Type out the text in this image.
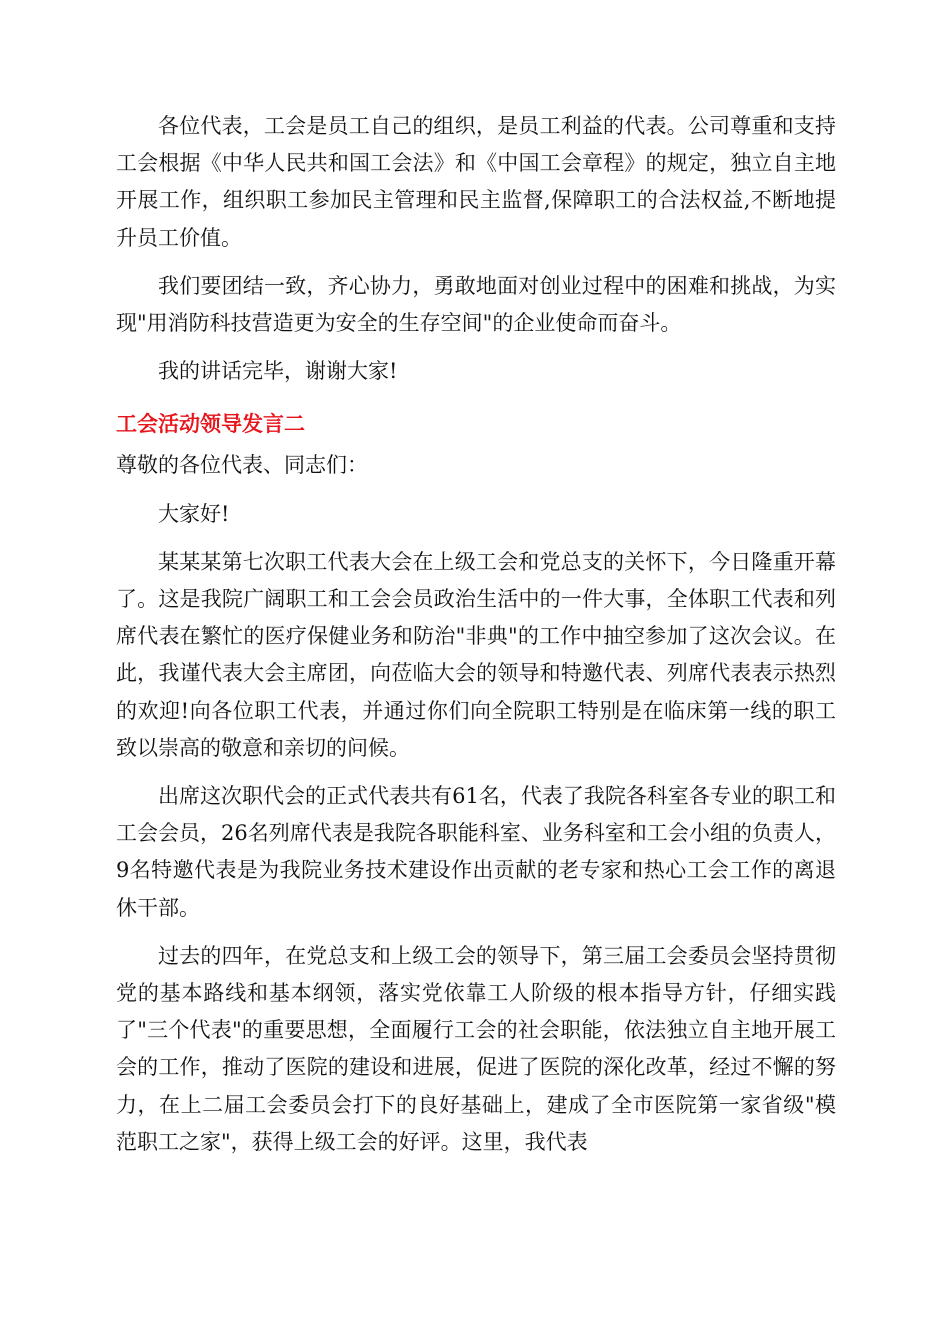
各位代表，工会是员工自己的组织，是员工利益的代表。公司尊重和支持工会根据《中华人民共和国工会法》和《中国工会章程》的规定，独立自主地开展工作，组织职工参加民主管理和民主监督,保障职工的合法权益,不断地提升员工价值。

我们要团结一致，齐心协力，勇敢地面对创业过程中的困难和挑战，为实现"用消防科技营造更为安全的生存空间"的企业使命而奋斗。

我的讲话完毕，谢谢大家!

工会活动领导发言二

尊敬的各位代表、同志们：

大家好!

某某某第七次职工代表大会在上级工会和党总支的关怀下，今日隆重开幕了。这是我院广阔职工和工会会员政治生活中的一件大事，全体职工代表和列席代表在繁忙的医疗保健业务和防治"非典"的工作中抽空参加了这次会议。在此，我谨代表大会主席团，向莅临大会的领导和特邀代表、列席代表表示热烈的欢迎!向各位职工代表，并通过你们向全院职工特别是在临床第一线的职工致以崇高的敬意和亲切的问候。

出席这次职代会的正式代表共有61名，代表了我院各科室各专业的职工和工会会员，26名列席代表是我院各职能科室、业务科室和工会小组的负责人，9名特邀代表是为我院业务技术建设作出贡献的老专家和热心工会工作的离退休干部。

过去的四年，在党总支和上级工会的领导下，第三届工会委员会坚持贯彻党的基本路线和基本纲领，落实党依靠工人阶级的根本指导方针，仔细实践了"三个代表"的重要思想，全面履行工会的社会职能，依法独立自主地开展工会的工作，推动了医院的建设和进展，促进了医院的深化改革，经过不懈的努力，在上二届工会委员会打下的良好基础上，建成了全市医院第一家省级"模范职工之家"，获得上级工会的好评。这里，我代表
